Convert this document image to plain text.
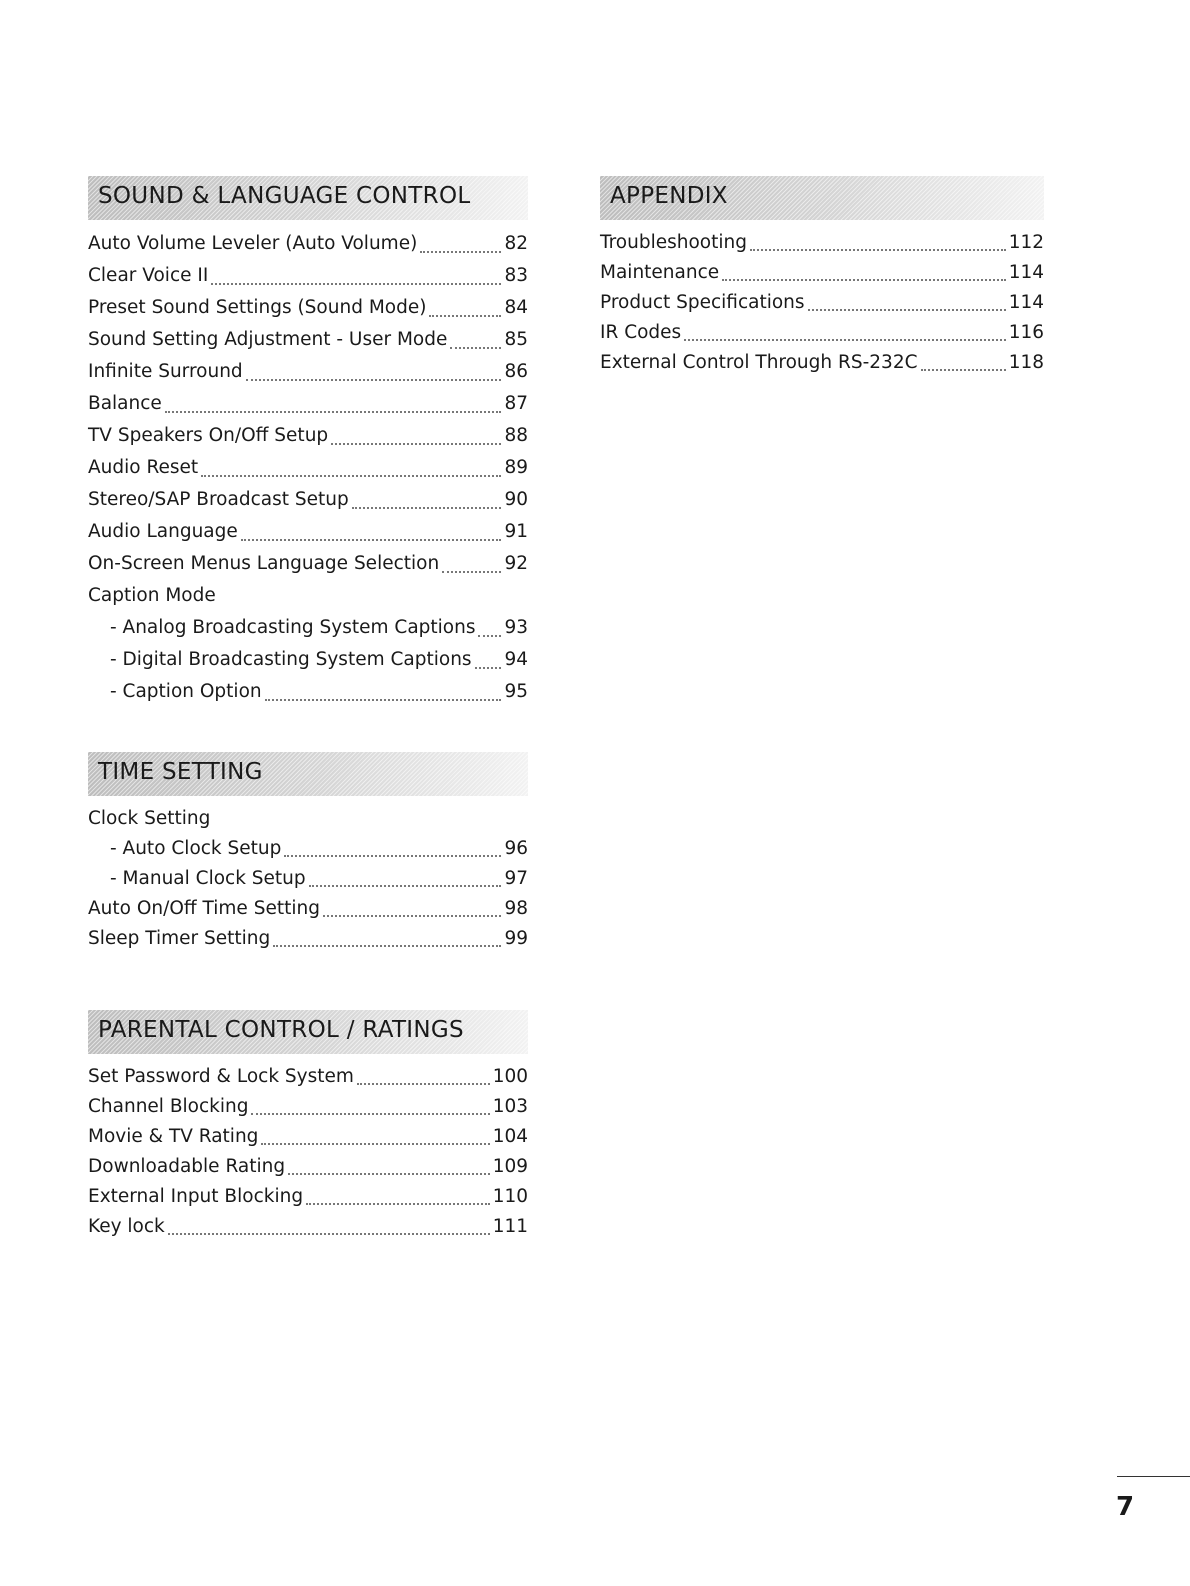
SOUND & LANGUAGE CONTROL
Auto Volume Leveler (Auto Volume)	82
Clear Voice II	83
Preset Sound Settings (Sound Mode)	84
Sound Setting Adjustment - User Mode	85
Infinite Surround	86
Balance	87
TV Speakers On/Off Setup	88
Audio Reset	89
Stereo/SAP Broadcast Setup	90
Audio Language	91
On-Screen Menus Language Selection	92
Caption Mode
- Analog Broadcasting System Captions 93
- Digital Broadcasting System Captions 94
- Caption Option	95
TIME SETTING
Clock Setting
- Auto Clock Setup	96
- Manual Clock Setup	97
Auto On/Off Time Setting	98
Sleep Timer Setting	99
PARENTAL CONTROL / RATINGS
Set Password & Lock System	100
Channel Blocking	103
Movie & TV Rating	104
Downloadable Rating	109
External Input Blocking	110
Key lock	111
APPENDIX
Troubleshooting	112
Maintenance	114
Product Specifications	114
IR Codes	116
External Control Through RS-232C	118
7
